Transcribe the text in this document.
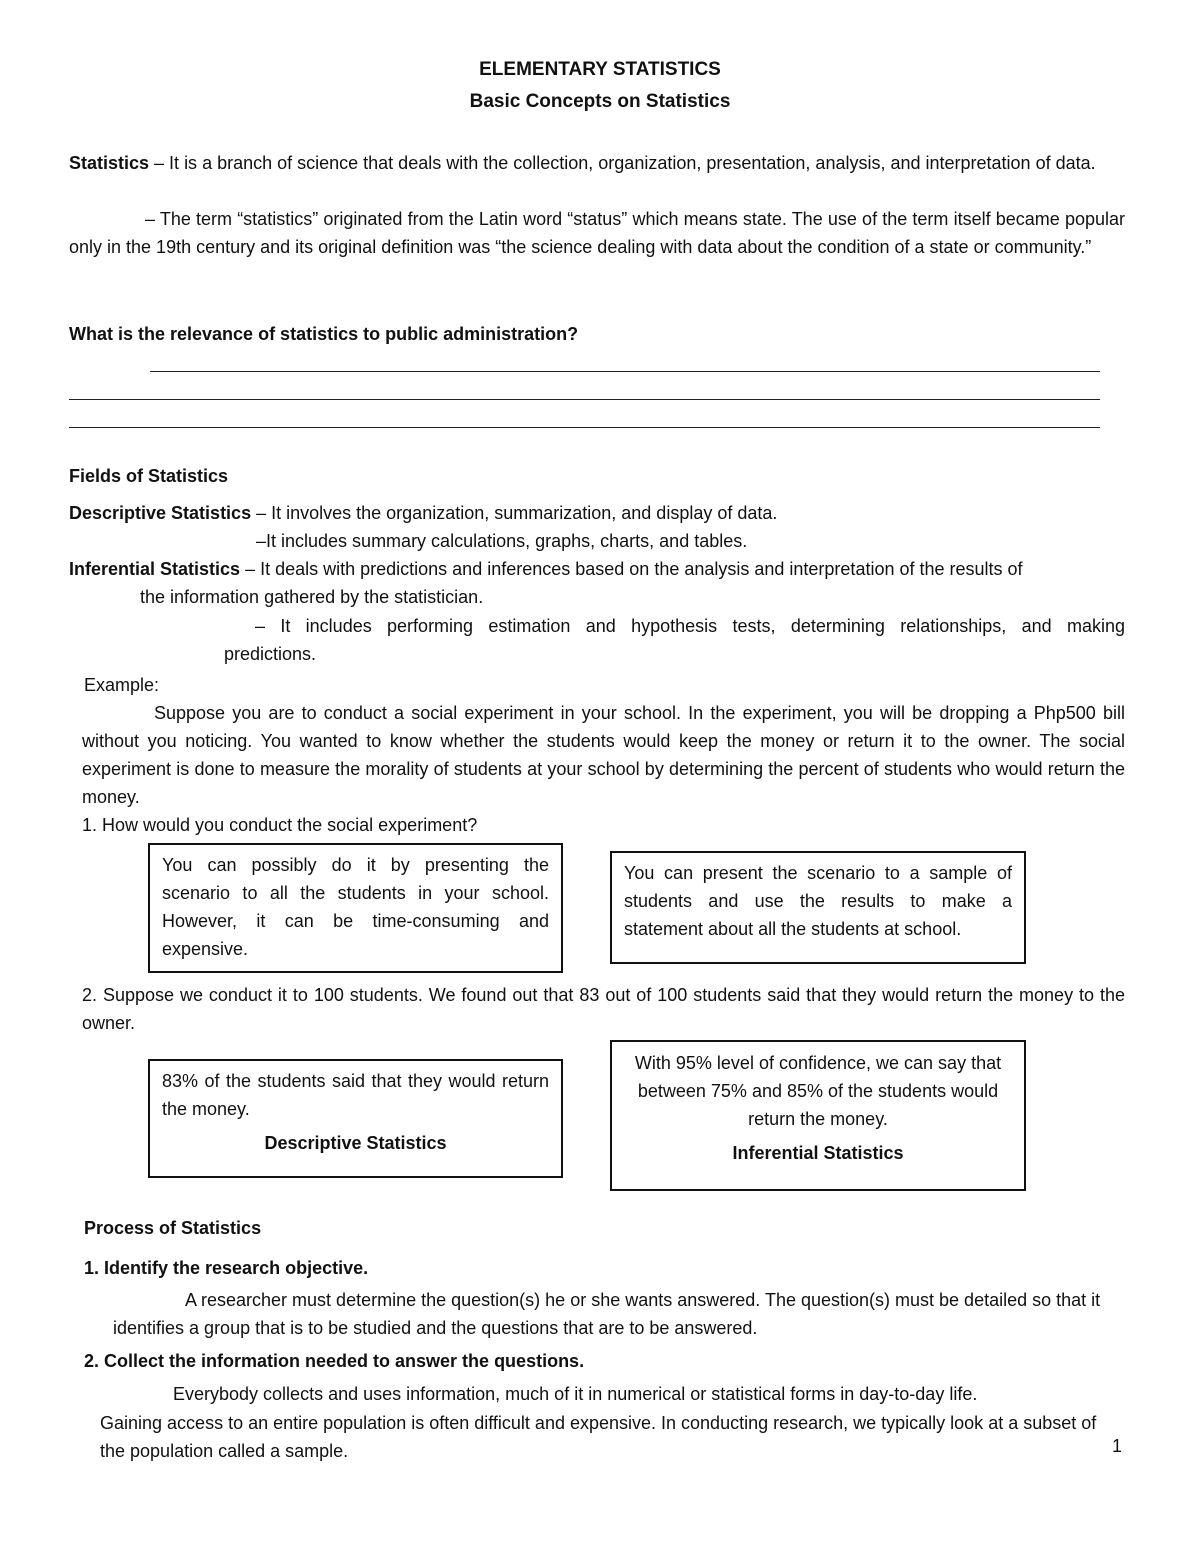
ELEMENTARY STATISTICS
Basic Concepts on Statistics

Statistics – It is a branch of science that deals with the collection, organization, presentation, analysis, and interpretation of data.

– The term “statistics” originated from the Latin word “status” which means state. The use of the term itself became popular only in the 19th century and its original definition was “the science dealing with data about the condition of a state or community.”

What is the relevance of statistics to public administration?
Fields of Statistics

Descriptive Statistics – It involves the organization, summarization, and display of data.

–It includes summary calculations, graphs, charts, and tables.

Inferential Statistics – It deals with predictions and inferences based on the analysis and interpretation of the results of

the information gathered by the statistician.

– It includes performing estimation and hypothesis tests, determining relationships, and making

predictions.

Example:

Suppose you are to conduct a social experiment in your school. In the experiment, you will be dropping a Php500 bill without you noticing. You wanted to know whether the students would keep the money or return it to the owner. The social experiment is done to measure the morality of students at your school by determining the percent of students who would return the money.

1. How would you conduct the social experiment?

You can possibly do it by presenting the scenario to all the students in your school. However, it can be time-consuming and expensive.

You can present the scenario to a sample of students and use the results to make a statement about all the students at school.

2. Suppose we conduct it to 100 students. We found out that 83 out of 100 students said that they would return the money to the owner.

83% of the students said that they would return the money.

Descriptive Statistics

With 95% level of confidence, we can say that between 75% and 85% of the students would return the money.

Inferential Statistics

Process of Statistics
1. Identify the research objective.

A researcher must determine the question(s) he or she wants answered. The question(s) must be detailed so that it identifies a group that is to be studied and the questions that are to be answered.

2. Collect the information needed to answer the questions.

Everybody collects and uses information, much of it in numerical or statistical forms in day-to-day life.

Gaining access to an entire population is often difficult and expensive. In conducting research, we typically look at a subset of the population called a sample.	1
